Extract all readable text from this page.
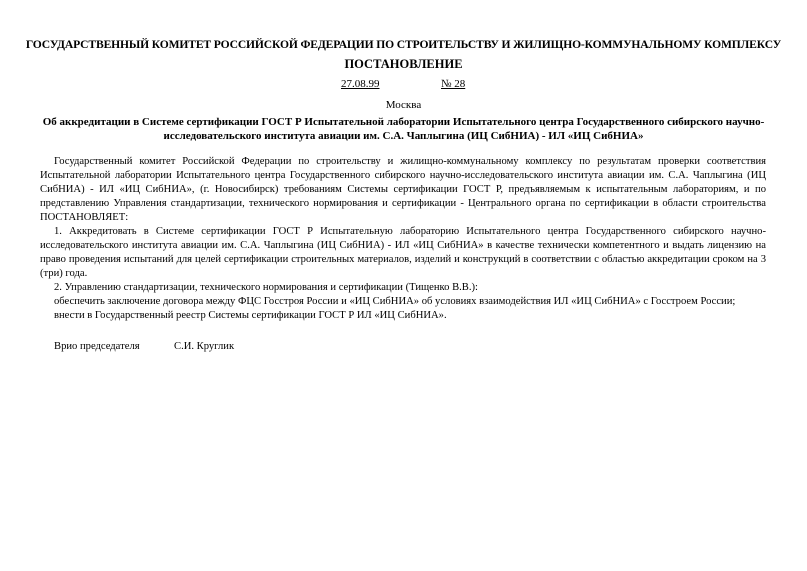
ГОСУДАРСТВЕННЫЙ КОМИТЕТ РОССИЙСКОЙ ФЕДЕРАЦИИ ПО СТРОИТЕЛЬСТВУ И ЖИЛИЩНО-КОММУНАЛЬНОМУ КОМПЛЕКСУ
ПОСТАНОВЛЕНИЕ
27.08.99	№ 28
Москва
Об аккредитации в Системе сертификации ГОСТ Р Испытательной лаборатории Испытательного центра Государственного сибирского научно-исследовательского института авиации им. С.А. Чаплыгина (ИЦ СибНИА) - ИЛ «ИЦ СибНИА»

Государственный комитет Российской Федерации по строительству и жилищно-коммунальному комплексу по результатам проверки соответствия Испытательной лаборатории Испытательного центра Государственного сибирского научно-исследовательского института авиации им. С.А. Чаплыгина (ИЦ СибНИА) - ИЛ «ИЦ СибНИА», (г. Новосибирск) требованиям Системы сертификации ГОСТ Р, предъявляемым к испытательным лабораториям, и по представлению Управления стандартизации, технического нормирования и сертификации - Центрального органа по сертификации в области строительства ПОСТАНОВЛЯЕТ:

1. Аккредитовать в Системе сертификации ГОСТ Р Испытательную лабораторию Испытательного центра Государственного сибирского научно-исследовательского института авиации им. С.А. Чаплыгина (ИЦ СибНИА) - ИЛ «ИЦ СибНИА» в качестве технически компетентного и выдать лицензию на право проведения испытаний для целей сертификации строительных материалов, изделий и конструкций в соответствии с областью аккредитации сроком на 3 (три) года.

2. Управлению стандартизации, технического нормирования и сертификации (Тищенко В.В.):

обеспечить заключение договора между ФЦС Госстроя России и «ИЦ СибНИА» об условиях взаимодействия ИЛ «ИЦ СибНИА» с Госстроем России;

внести в Государственный реестр Системы сертификации ГОСТ Р ИЛ «ИЦ СибНИА».

Врио председателя	С.И. Круглик
